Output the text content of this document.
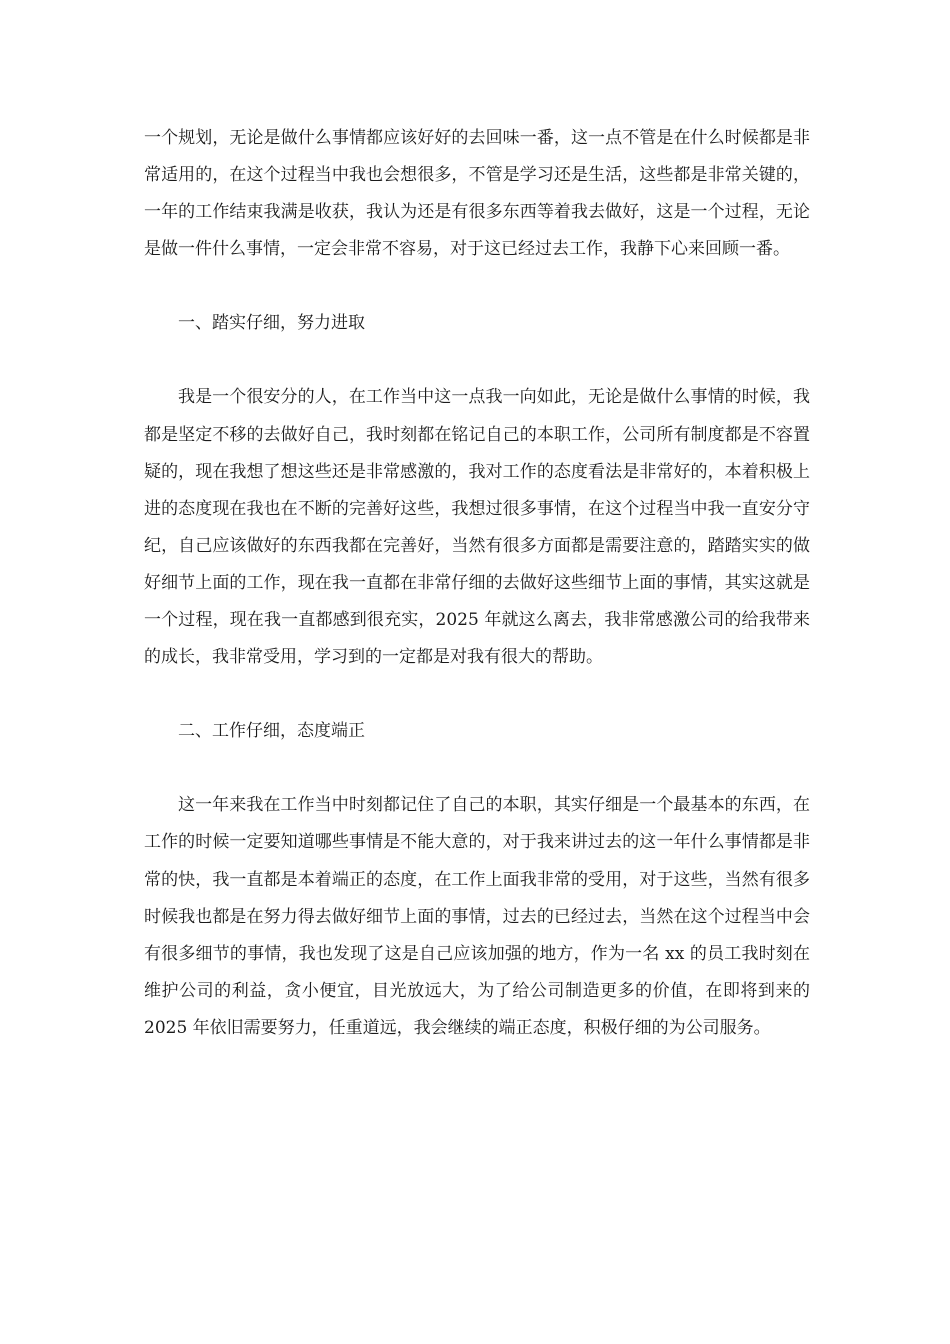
一个规划，无论是做什么事情都应该好好的去回味一番，这一点不管是在什么时候都是非常适用的，在这个过程当中我也会想很多，不管是学习还是生活，这些都是非常关键的，一年的工作结束我满是收获，我认为还是有很多东西等着我去做好，这是一个过程，无论是做一件什么事情，一定会非常不容易，对于这已经过去工作，我静下心来回顾一番。

一、踏实仔细，努力进取

我是一个很安分的人，在工作当中这一点我一向如此，无论是做什么事情的时候，我都是坚定不移的去做好自己，我时刻都在铭记自己的本职工作，公司所有制度都是不容置疑的，现在我想了想这些还是非常感激的，我对工作的态度看法是非常好的，本着积极上进的态度现在我也在不断的完善好这些，我想过很多事情，在这个过程当中我一直安分守纪，自己应该做好的东西我都在完善好，当然有很多方面都是需要注意的，踏踏实实的做好细节上面的工作，现在我一直都在非常仔细的去做好这些细节上面的事情，其实这就是一个过程，现在我一直都感到很充实，2025 年就这么离去，我非常感激公司的给我带来的成长，我非常受用，学习到的一定都是对我有很大的帮助。

二、工作仔细，态度端正

这一年来我在工作当中时刻都记住了自己的本职，其实仔细是一个最基本的东西，在工作的时候一定要知道哪些事情是不能大意的，对于我来讲过去的这一年什么事情都是非常的快，我一直都是本着端正的态度，在工作上面我非常的受用，对于这些，当然有很多时候我也都是在努力得去做好细节上面的事情，过去的已经过去，当然在这个过程当中会有很多细节的事情，我也发现了这是自己应该加强的地方，作为一名 xx 的员工我时刻在维护公司的利益，贪小便宜，目光放远大，为了给公司制造更多的价值，在即将到来的 2025 年依旧需要努力，任重道远，我会继续的端正态度，积极仔细的为公司服务。
